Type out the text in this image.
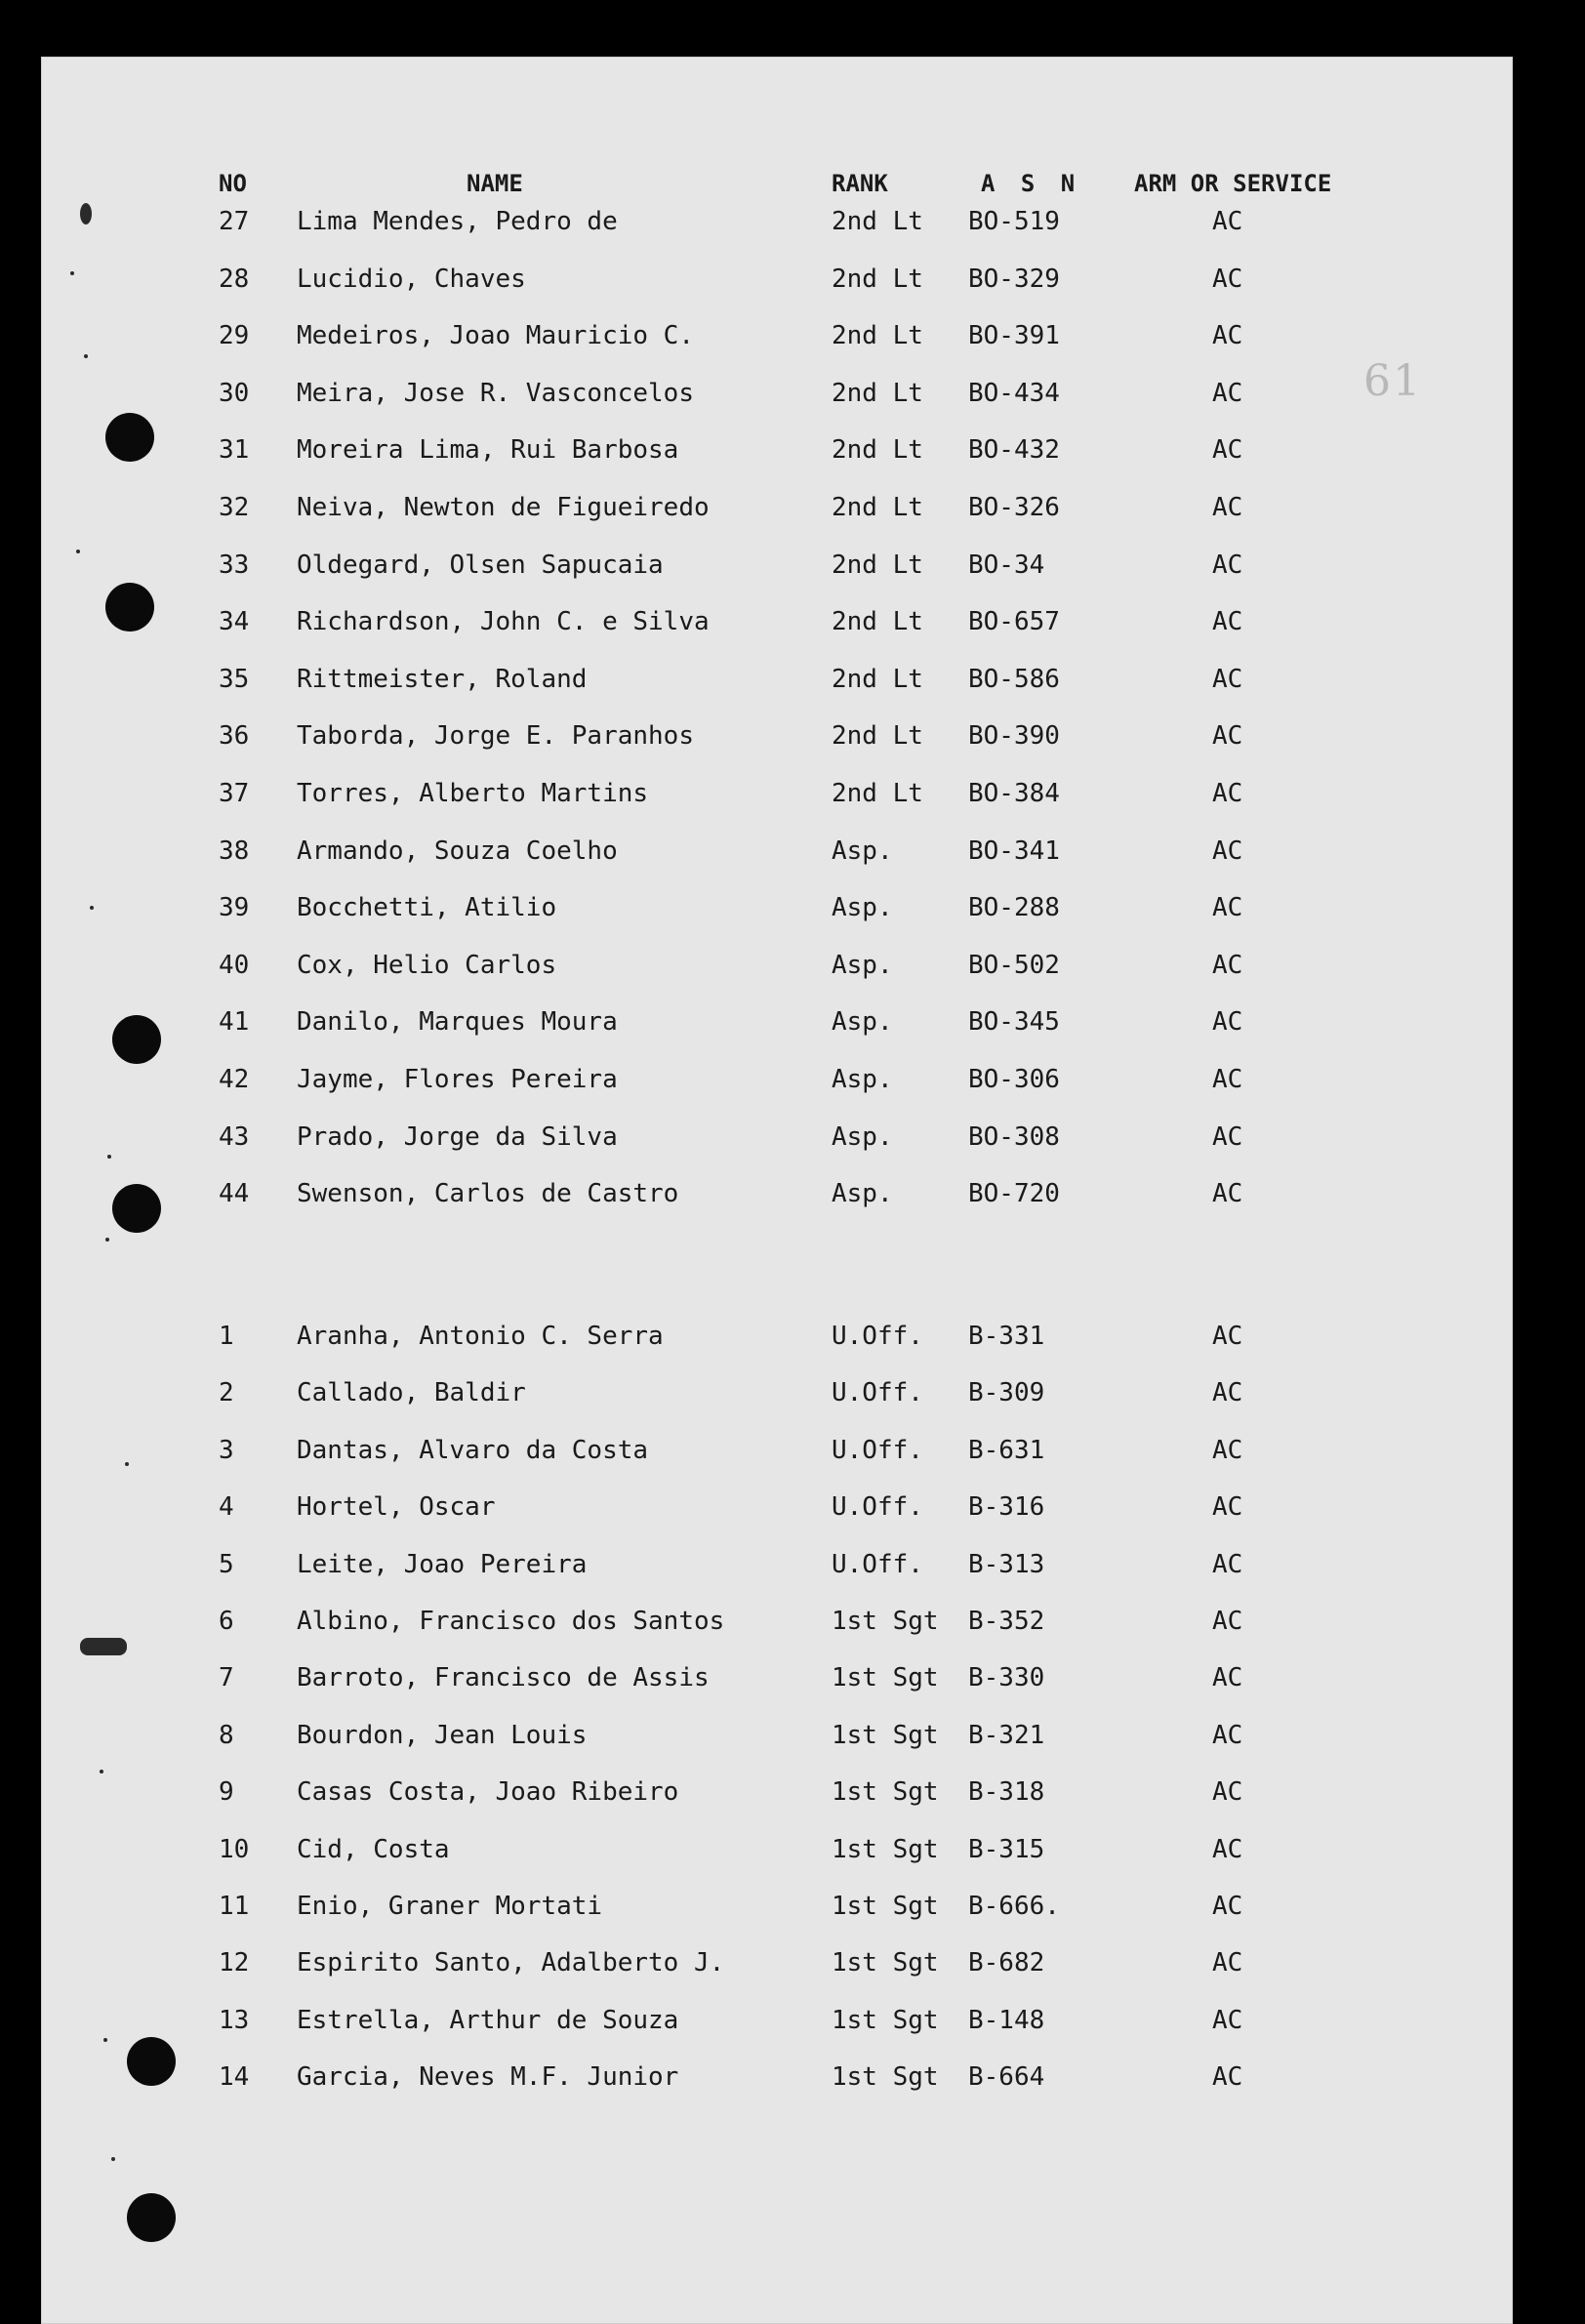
61
NO	NAME	RANK	A S N	ARM OR SERVICE
27	Lima Mendes, Pedro de	2nd Lt	BO-519	AC
28	Lucidio, Chaves	2nd Lt	BO-329	AC
29	Medeiros, Joao Mauricio C.	2nd Lt	BO-391	AC
30	Meira, Jose R. Vasconcelos	2nd Lt	BO-434	AC
31	Moreira Lima, Rui Barbosa	2nd Lt	BO-432	AC
32	Neiva, Newton de Figueiredo	2nd Lt	BO-326	AC
33	Oldegard, Olsen Sapucaia	2nd Lt	BO-34	AC
34	Richardson, John C. e Silva	2nd Lt	BO-657	AC
35	Rittmeister, Roland	2nd Lt	BO-586	AC
36	Taborda, Jorge E. Paranhos	2nd Lt	BO-390	AC
37	Torres, Alberto Martins	2nd Lt	BO-384	AC
38	Armando, Souza Coelho	Asp.	BO-341	AC
39	Bocchetti, Atilio	Asp.	BO-288	AC
40	Cox, Helio Carlos	Asp.	BO-502	AC
41	Danilo, Marques Moura	Asp.	BO-345	AC
42	Jayme, Flores Pereira	Asp.	BO-306	AC
43	Prado, Jorge da Silva	Asp.	BO-308	AC
44	Swenson, Carlos de Castro	Asp.	BO-720	AC
1	Aranha, Antonio C. Serra	U.Off.	B-331	AC
2	Callado, Baldir	U.Off.	B-309	AC
3	Dantas, Alvaro da Costa	U.Off.	B-631	AC
4	Hortel, Oscar	U.Off.	B-316	AC
5	Leite, Joao Pereira	U.Off.	B-313	AC
6	Albino, Francisco dos Santos	1st Sgt	B-352	AC
7	Barroto, Francisco de Assis	1st Sgt	B-330	AC
8	Bourdon, Jean Louis	1st Sgt	B-321	AC
9	Casas Costa, Joao Ribeiro	1st Sgt	B-318	AC
10	Cid, Costa	1st Sgt	B-315	AC
11	Enio, Graner Mortati	1st Sgt	B-666.	AC
12	Espirito Santo, Adalberto J.	1st Sgt	B-682	AC
13	Estrella, Arthur de Souza	1st Sgt	B-148	AC
14	Garcia, Neves M.F. Junior	1st Sgt	B-664	AC
